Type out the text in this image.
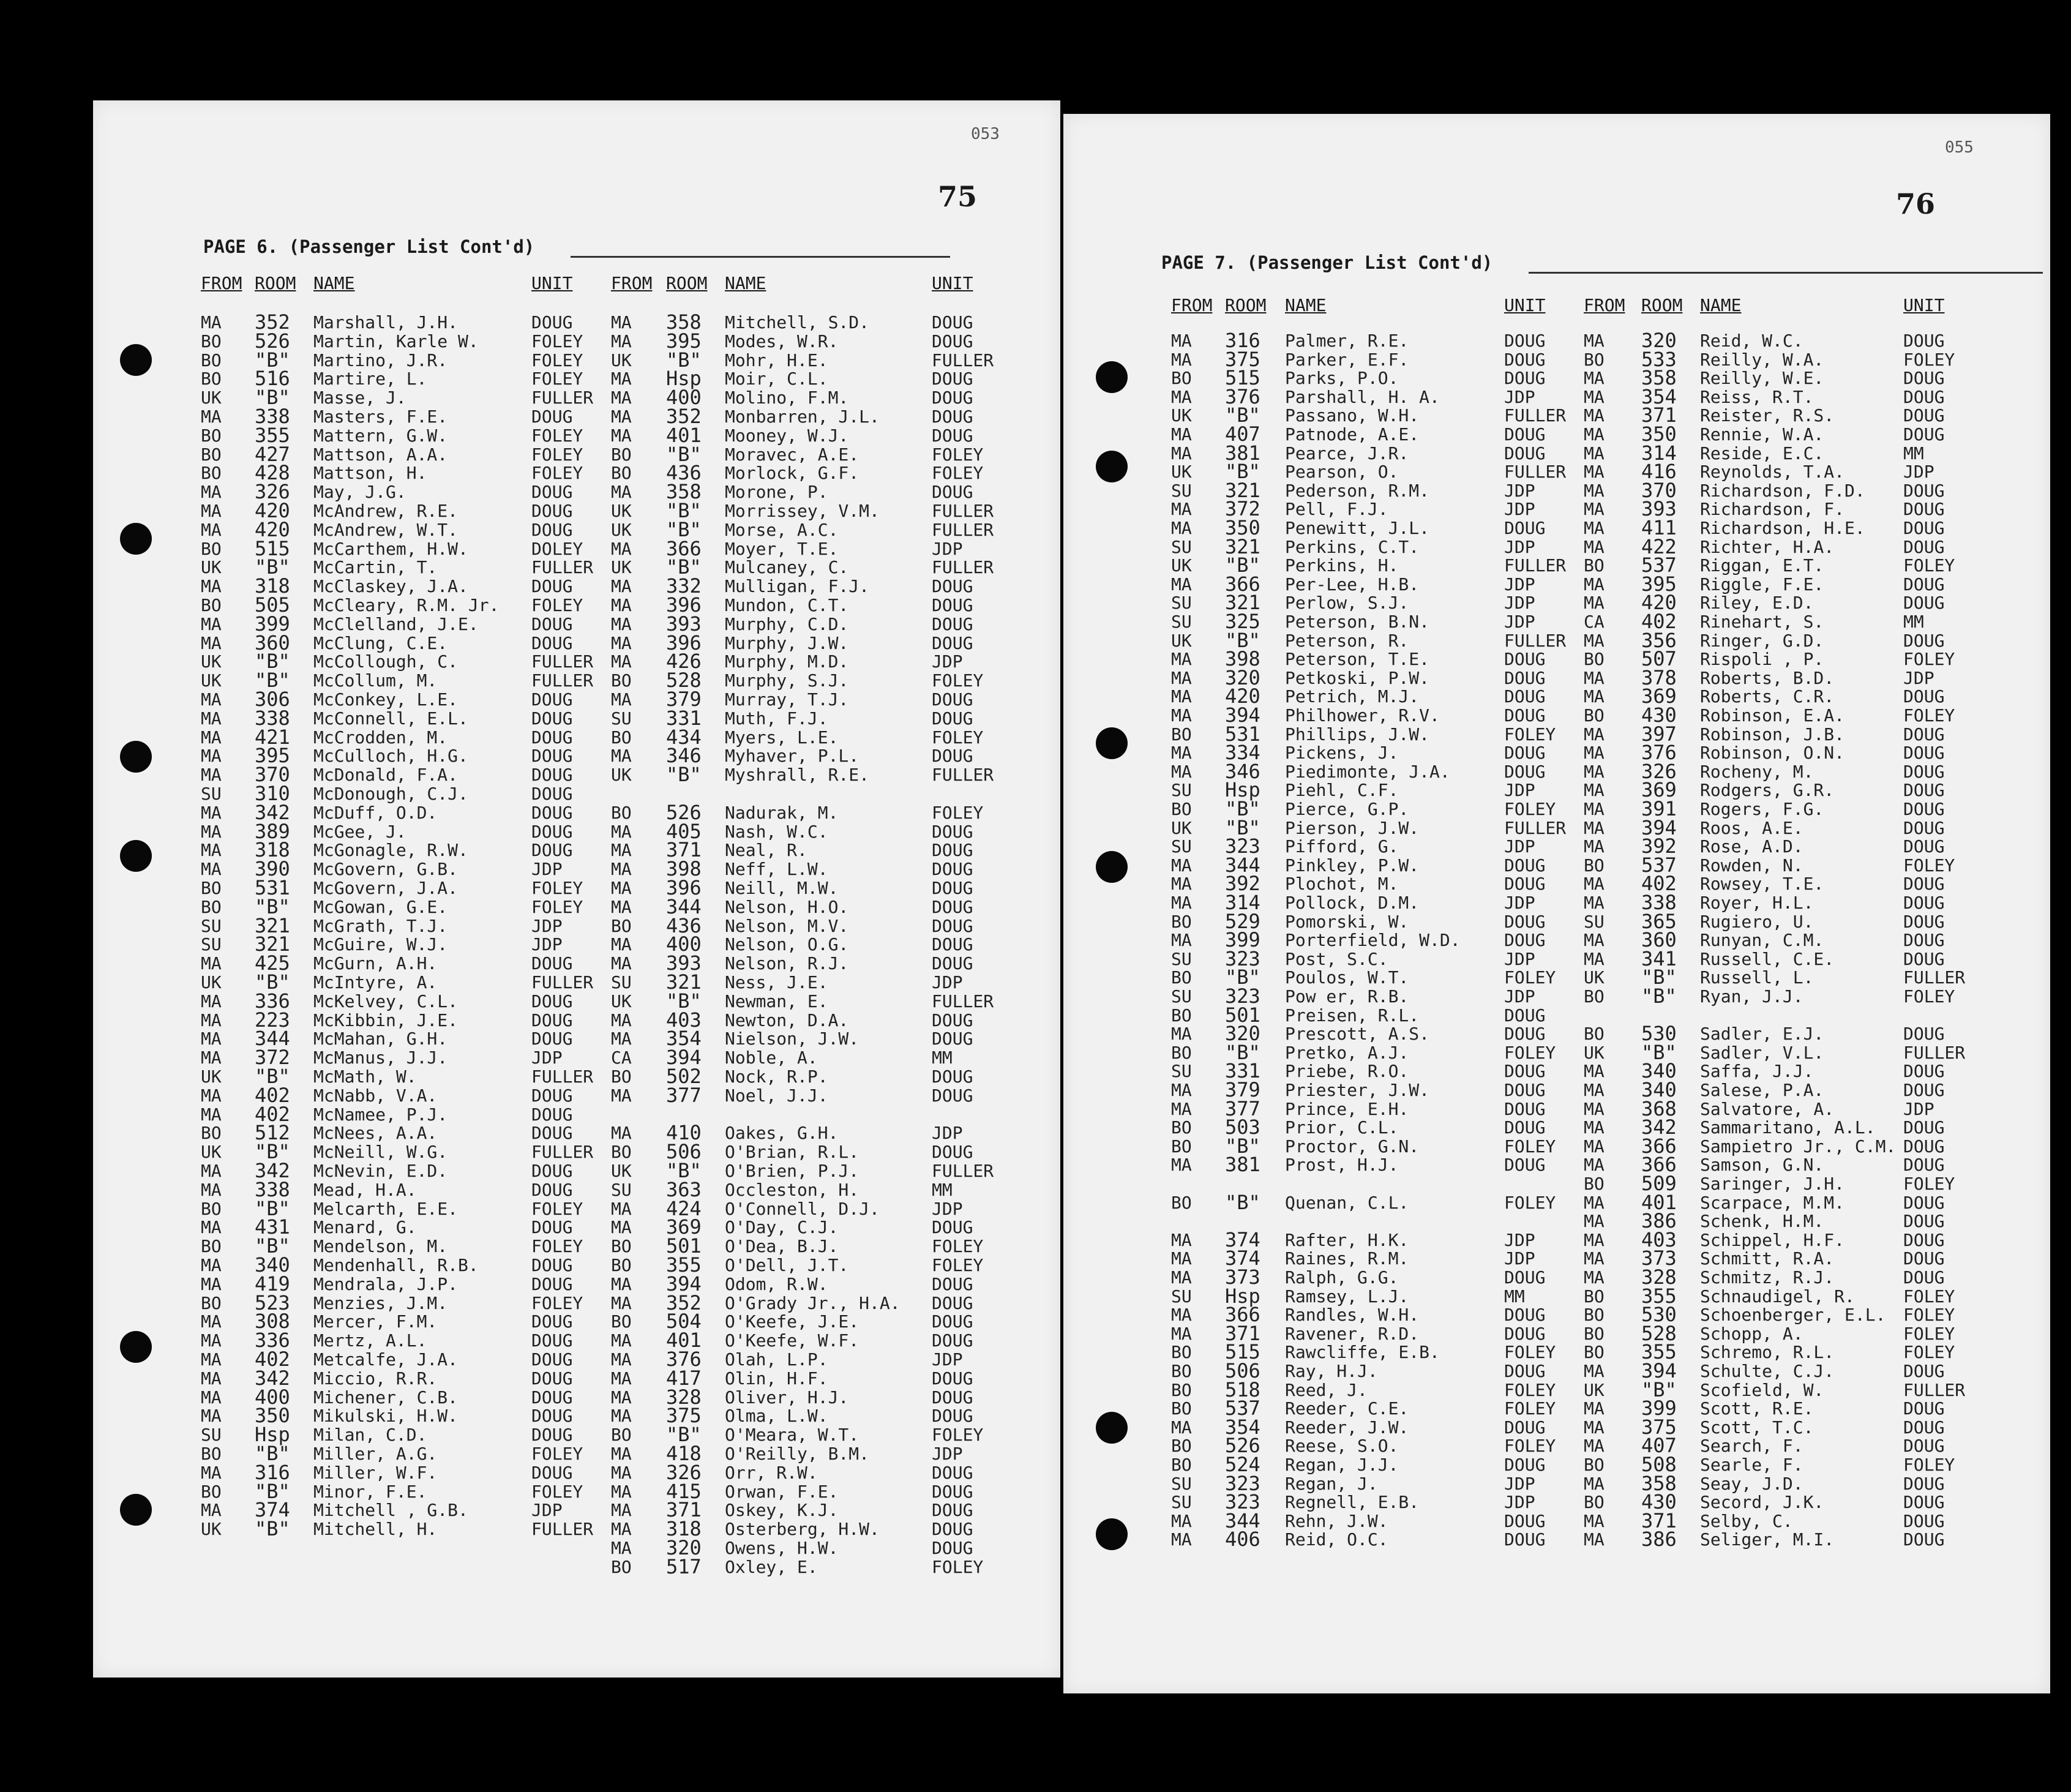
053
75
PAGE 6. (Passenger List Cont'd)
FROM ROOM NAME	UNIT FROM ROOM NAME	UNIT
MA 352 Marshall, J.H.	DOUG
BO 526 Martin, Karle W.	FOLEY
BO "B" Martino, J.R.	FOLEY
BO 516 Martire, L.	FOLEY
UK "B" Masse, J.	FULLER
MA 338 Masters, F.E.	DOUG
BO 355 Mattern, G.W.	FOLEY
BO 427 Mattson, A.A.	FOLEY
BO 428 Mattson, H.	FOLEY
MA 326 May, J.G.	DOUG
MA 420 McAndrew, R.E.	DOUG
MA 420 McAndrew, W.T.	DOUG
BO 515 McCarthem, H.W.	DOLEY
UK "B" McCartin, T.	FULLER
MA 318 McClaskey, J.A.	DOUG
BO 505 McCleary, R.M. Jr. FOLEY
MA 399 McClelland, J.E.	DOUG
MA 360 McClung, C.E.	DOUG
UK "B" McCollough, C.	FULLER
UK "B" McCollum, M.	FULLER
MA 306 McConkey, L.E.	DOUG
MA 338 McConnell, E.L.	DOUG
MA 421 McCrodden, M.	DOUG
MA 395 McCulloch, H.G.	DOUG
MA 370 McDonald, F.A.	DOUG
SU 310 McDonough, C.J.	DOUG
MA 342 McDuff, O.D.	DOUG
MA 389 McGee, J.	DOUG
MA 318 McGonagle, R.W.	DOUG
MA 390 McGovern, G.B.	JDP
BO 531 McGovern, J.A.	FOLEY
BO "B" McGowan, G.E.	FOLEY
SU 321 McGrath, T.J.	JDP
SU 321 McGuire, W.J.	JDP
MA 425 McGurn, A.H.	DOUG
UK "B" McIntyre, A.	FULLER
MA 336 McKelvey, C.L.	DOUG
MA 223 McKibbin, J.E.	DOUG
MA 344 McMahan, G.H.	DOUG
MA 372 McManus, J.J.	JDP
UK "B" McMath, W.	FULLER
MA 402 McNabb, V.A.	DOUG
MA 402 McNamee, P.J.	DOUG
BO 512 McNees, A.A.	DOUG
UK "B" McNeill, W.G.	FULLER
MA 342 McNevin, E.D.	DOUG
MA 338 Mead, H.A.	DOUG
BO "B" Melcarth, E.E.	FOLEY
MA 431 Menard, G.	DOUG
BO "B" Mendelson, M.	FOLEY
MA 340 Mendenhall, R.B.	DOUG
MA 419 Mendrala, J.P.	DOUG
BO 523 Menzies, J.M.	FOLEY
MA 308 Mercer, F.M.	DOUG
MA 336 Mertz, A.L.	DOUG
MA 402 Metcalfe, J.A.	DOUG
MA 342 Miccio, R.R.	DOUG
MA 400 Michener, C.B.	DOUG
MA 350 Mikulski, H.W.	DOUG
SU Hsp Milan, C.D.	DOUG
BO "B" Miller, A.G.	FOLEY
MA 316 Miller, W.F.	DOUG
BO "B" Minor, F.E.	FOLEY
MA 374 Mitchell , G.B.	JDP
UK "B" Mitchell, H.	FULLER
MA 358 Mitchell, S.D.	DOUG
MA 395 Modes, W.R.	DOUG
UK "B" Mohr, H.E.	FULLER
MA Hsp Moir, C.L.	DOUG
MA 400 Molino, F.M.	DOUG
MA 352 Monbarren, J.L.	DOUG
MA 401 Mooney, W.J.	DOUG
BO "B" Moravec, A.E.	FOLEY
BO 436 Morlock, G.F.	FOLEY
MA 358 Morone, P.	DOUG
UK "B" Morrissey, V.M.	FULLER
UK "B" Morse, A.C.	FULLER
MA 366 Moyer, T.E.	JDP
UK "B" Mulcaney, C.	FULLER
MA 332 Mulligan, F.J.	DOUG
MA 396 Mundon, C.T.	DOUG
MA 393 Murphy, C.D.	DOUG
MA 396 Murphy, J.W.	DOUG
MA 426 Murphy, M.D.	JDP
BO 528 Murphy, S.J.	FOLEY
MA 379 Murray, T.J.	DOUG
SU 331 Muth, F.J.	DOUG
BO 434 Myers, L.E.	FOLEY
MA 346 Myhaver, P.L.	DOUG
UK "B" Myshrall, R.E.	FULLER
BO 526 Nadurak, M.	FOLEY
MA 405 Nash, W.C.	DOUG
MA 371 Neal, R.	DOUG
MA 398 Neff, L.W.	DOUG
MA 396 Neill, M.W.	DOUG
MA 344 Nelson, H.O.	DOUG
BO 436 Nelson, M.V.	DOUG
MA 400 Nelson, O.G.	DOUG
MA 393 Nelson, R.J.	DOUG
SU 321 Ness, J.E.	JDP
UK "B" Newman, E.	FULLER
MA 403 Newton, D.A.	DOUG
MA 354 Nielson, J.W.	DOUG
CA 394 Noble, A.	MM
BO 502 Nock, R.P.	DOUG
MA 377 Noel, J.J.	DOUG
MA 410 Oakes, G.H.	JDP
BO 506 O'Brian, R.L.	DOUG
UK "B" O'Brien, P.J.	FULLER
SU 363 Occleston, H.	MM
MA 424 O'Connell, D.J.	JDP
MA 369 O'Day, C.J.	DOUG
BO 501 O'Dea, B.J.	FOLEY
BO 355 O'Dell, J.T.	FOLEY
MA 394 Odom, R.W.	DOUG
MA 352 O'Grady Jr., H.A. DOUG
BO 504 O'Keefe, J.E.	DOUG
MA 401 O'Keefe, W.F.	DOUG
MA 376 Olah, L.P.	JDP
MA 417 Olin, H.F.	DOUG
MA 328 Oliver, H.J.	DOUG
MA 375 Olma, L.W.	DOUG
BO "B" O'Meara, W.T.	FOLEY
MA 418 O'Reilly, B.M.	JDP
MA 326 Orr, R.W.	DOUG
MA 415 Orwan, F.E.	DOUG
MA 371 Oskey, K.J.	DOUG
MA 318 Osterberg, H.W.	DOUG
MA 320 Owens, H.W.	DOUG
BO 517 Oxley, E.	FOLEY
055
76
PAGE 7. (Passenger List Cont'd)
FROM ROOM NAME	UNIT FROM ROOM NAME	UNIT
MA 316 Palmer, R.E.	DOUG
MA 375 Parker, E.F.	DOUG
BO 515 Parks, P.O.	DOUG
MA 376 Parshall, H. A.	JDP
UK "B" Passano, W.H.	FULLER
MA 407 Patnode, A.E.	DOUG
MA 381 Pearce, J.R.	DOUG
UK "B" Pearson, O.	FULLER
SU 321 Pederson, R.M.	JDP
MA 372 Pell, F.J.	JDP
MA 350 Penewitt, J.L.	DOUG
SU 321 Perkins, C.T.	JDP
UK "B" Perkins, H.	FULLER
MA 366 Per-Lee, H.B.	JDP
SU 321 Perlow, S.J.	JDP
SU 325 Peterson, B.N.	JDP
UK "B" Peterson, R.	FULLER
MA 398 Peterson, T.E.	DOUG
MA 320 Petkoski, P.W.	DOUG
MA 420 Petrich, M.J.	DOUG
MA 394 Philhower, R.V.	DOUG
BO 531 Phillips, J.W.	FOLEY
MA 334 Pickens, J.	DOUG
MA 346 Piedimonte, J.A.	DOUG
SU Hsp Piehl, C.F.	JDP
BO "B" Pierce, G.P.	FOLEY
UK "B" Pierson, J.W.	FULLER
SU 323 Pifford, G.	JDP
MA 344 Pinkley, P.W.	DOUG
MA 392 Plochot, M.	DOUG
MA 314 Pollock, D.M.	JDP
BO 529 Pomorski, W.	DOUG
MA 399 Porterfield, W.D.	DOUG
SU 323 Post, S.C.	JDP
BO "B" Poulos, W.T.	FOLEY
SU 323 Pow er, R.B.	JDP
BO 501 Preisen, R.L.	DOUG
MA 320 Prescott, A.S.	DOUG
BO "B" Pretko, A.J.	FOLEY
SU 331 Priebe, R.O.	DOUG
MA 379 Priester, J.W.	DOUG
MA 377 Prince, E.H.	DOUG
BO 503 Prior, C.L.	DOUG
BO "B" Proctor, G.N.	FOLEY
MA 381 Prost, H.J.	DOUG
BO "B" Quenan, C.L.	FOLEY
MA 374 Rafter, H.K.	JDP
MA 374 Raines, R.M.	JDP
MA 373 Ralph, G.G.	DOUG
SU Hsp Ramsey, L.J.	MM
MA 366 Randles, W.H.	DOUG
MA 371 Ravener, R.D.	DOUG
BO 515 Rawcliffe, E.B.	FOLEY
BO 506 Ray, H.J.	DOUG
BO 518 Reed, J.	FOLEY
BO 537 Reeder, C.E.	FOLEY
MA 354 Reeder, J.W.	DOUG
BO 526 Reese, S.O.	FOLEY
BO 524 Regan, J.J.	DOUG
SU 323 Regan, J.	JDP
SU 323 Regnell, E.B.	JDP
MA 344 Rehn, J.W.	DOUG
MA 406 Reid, O.C.	DOUG
MA 320 Reid, W.C.	DOUG
BO 533 Reilly, W.A.	FOLEY
MA 358 Reilly, W.E.	DOUG
MA 354 Reiss, R.T.	DOUG
MA 371 Reister, R.S.	DOUG
MA 350 Rennie, W.A.	DOUG
MA 314 Reside, E.C.	MM
MA 416 Reynolds, T.A.	JDP
MA 370 Richardson, F.D. DOUG
MA 393 Richardson, F.	DOUG
MA 411 Richardson, H.E. DOUG
MA 422 Richter, H.A.	DOUG
BO 537 Riggan, E.T.	FOLEY
MA 395 Riggle, F.E.	DOUG
MA 420 Riley, E.D.	DOUG
CA 402 Rinehart, S.	MM
MA 356 Ringer, G.D.	DOUG
BO 507 Rispoli , P.	FOLEY
MA 378 Roberts, B.D.	JDP
MA 369 Roberts, C.R.	DOUG
BO 430 Robinson, E.A.	FOLEY
MA 397 Robinson, J.B.	DOUG
MA 376 Robinson, O.N.	DOUG
MA 326 Rocheny, M.	DOUG
MA 369 Rodgers, G.R.	DOUG
MA 391 Rogers, F.G.	DOUG
MA 394 Roos, A.E.	DOUG
MA 392 Rose, A.D.	DOUG
BO 537 Rowden, N.	FOLEY
MA 402 Rowsey, T.E.	DOUG
MA 338 Royer, H.L.	DOUG
SU 365 Rugiero, U.	DOUG
MA 360 Runyan, C.M.	DOUG
MA 341 Russell, C.E.	DOUG
UK "B" Russell, L.	FULLER
BO "B" Ryan, J.J.	FOLEY
BO 530 Sadler, E.J.	DOUG
UK "B" Sadler, V.L.	FULLER
MA 340 Saffa, J.J.	DOUG
MA 340 Salese, P.A.	DOUG
MA 368 Salvatore, A.	JDP
MA 342 Sammaritano, A.L. DOUG
MA 366 Sampietro Jr., C.M. DOUG
MA 366 Samson, G.N.	DOUG
BO 509 Saringer, J.H.	FOLEY
MA 401 Scarpace, M.M.	DOUG
MA 386 Schenk, H.M.	DOUG
MA 403 Schippel, H.F.	DOUG
MA 373 Schmitt, R.A.	DOUG
MA 328 Schmitz, R.J.	DOUG
BO 355 Schnaudigel, R.	FOLEY
BO 530 Schoenberger, E.L. FOLEY
BO 528 Schopp, A.	FOLEY
BO 355 Schremo, R.L.	FOLEY
MA 394 Schulte, C.J.	DOUG
UK "B" Scofield, W.	FULLER
MA 399 Scott, R.E.	DOUG
MA 375 Scott, T.C.	DOUG
MA 407 Search, F.	DOUG
BO 508 Searle, F.	FOLEY
MA 358 Seay, J.D.	DOUG
BO 430 Secord, J.K.	DOUG
MA 371 Selby, C.	DOUG
MA 386 Seliger, M.I.	DOUG
